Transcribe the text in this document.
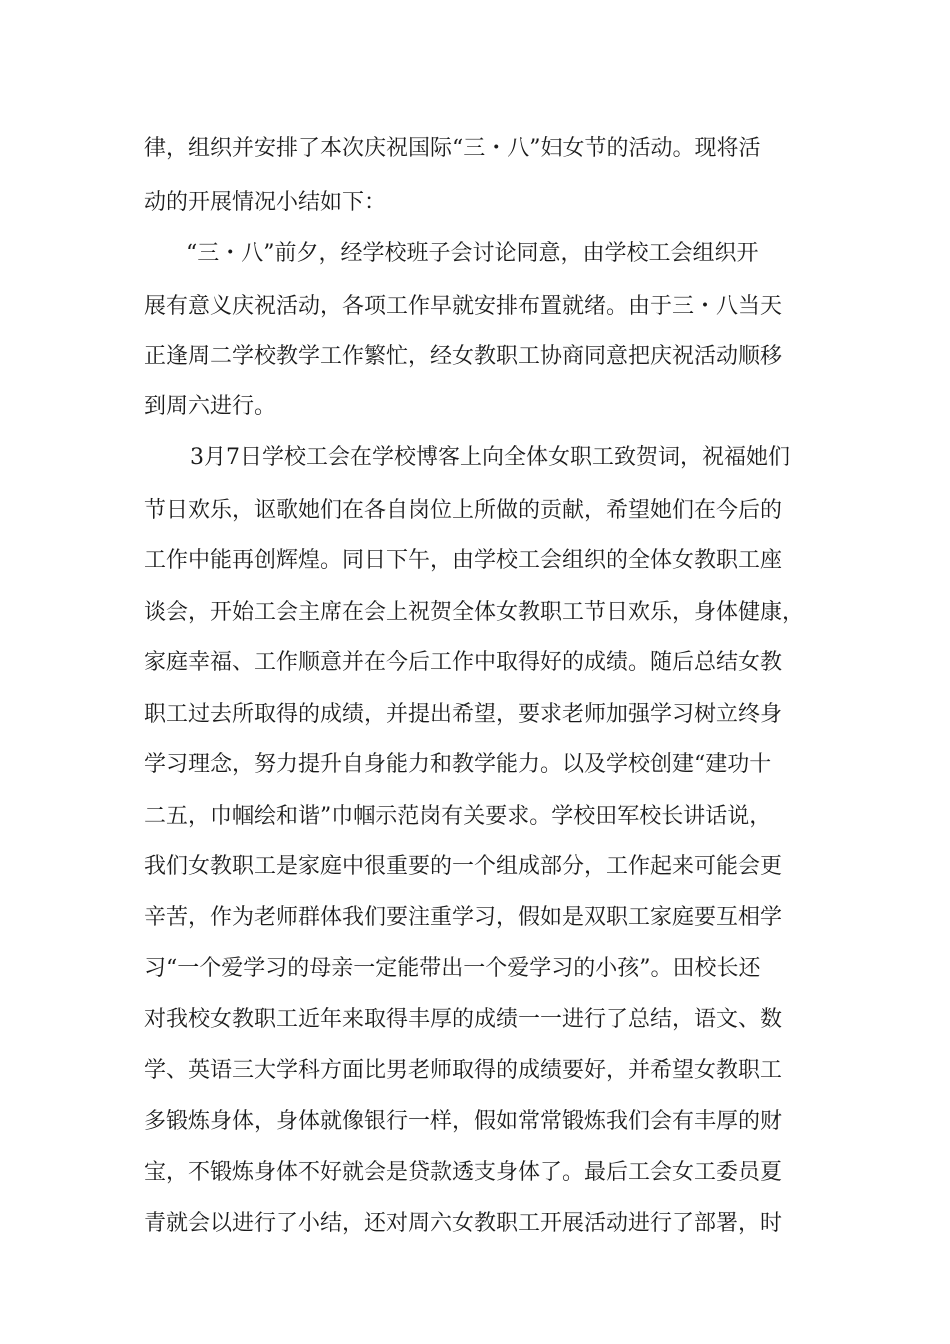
律，组织并安排了本次庆祝国际“三・八”妇女节的活动。现将活
动的开展情况小结如下：
“三・八”前夕，经学校班子会讨论同意，由学校工会组织开
展有意义庆祝活动，各项工作早就安排布置就绪。由于三・八当天
正逢周二学校教学工作繁忙，经女教职工协商同意把庆祝活动顺移
到周六进行。
3月7日学校工会在学校博客上向全体女职工致贺词，祝福她们
节日欢乐，讴歌她们在各自岗位上所做的贡献，希望她们在今后的
工作中能再创辉煌。同日下午，由学校工会组织的全体女教职工座
谈会，开始工会主席在会上祝贺全体女教职工节日欢乐，身体健康，
家庭幸福、工作顺意并在今后工作中取得好的成绩。随后总结女教
职工过去所取得的成绩，并提出希望，要求老师加强学习树立终身
学习理念，努力提升自身能力和教学能力。以及学校创建“建功十
二五，巾帼绘和谐”巾帼示范岗有关要求。学校田军校长讲话说，
我们女教职工是家庭中很重要的一个组成部分，工作起来可能会更
辛苦，作为老师群体我们要注重学习，假如是双职工家庭要互相学
习“一个爱学习的母亲一定能带出一个爱学习的小孩”。田校长还
对我校女教职工近年来取得丰厚的成绩一一进行了总结，语文、数
学、英语三大学科方面比男老师取得的成绩要好，并希望女教职工
多锻炼身体，身体就像银行一样，假如常常锻炼我们会有丰厚的财
宝，不锻炼身体不好就会是贷款透支身体了。最后工会女工委员夏
青就会以进行了小结，还对周六女教职工开展活动进行了部署，时
